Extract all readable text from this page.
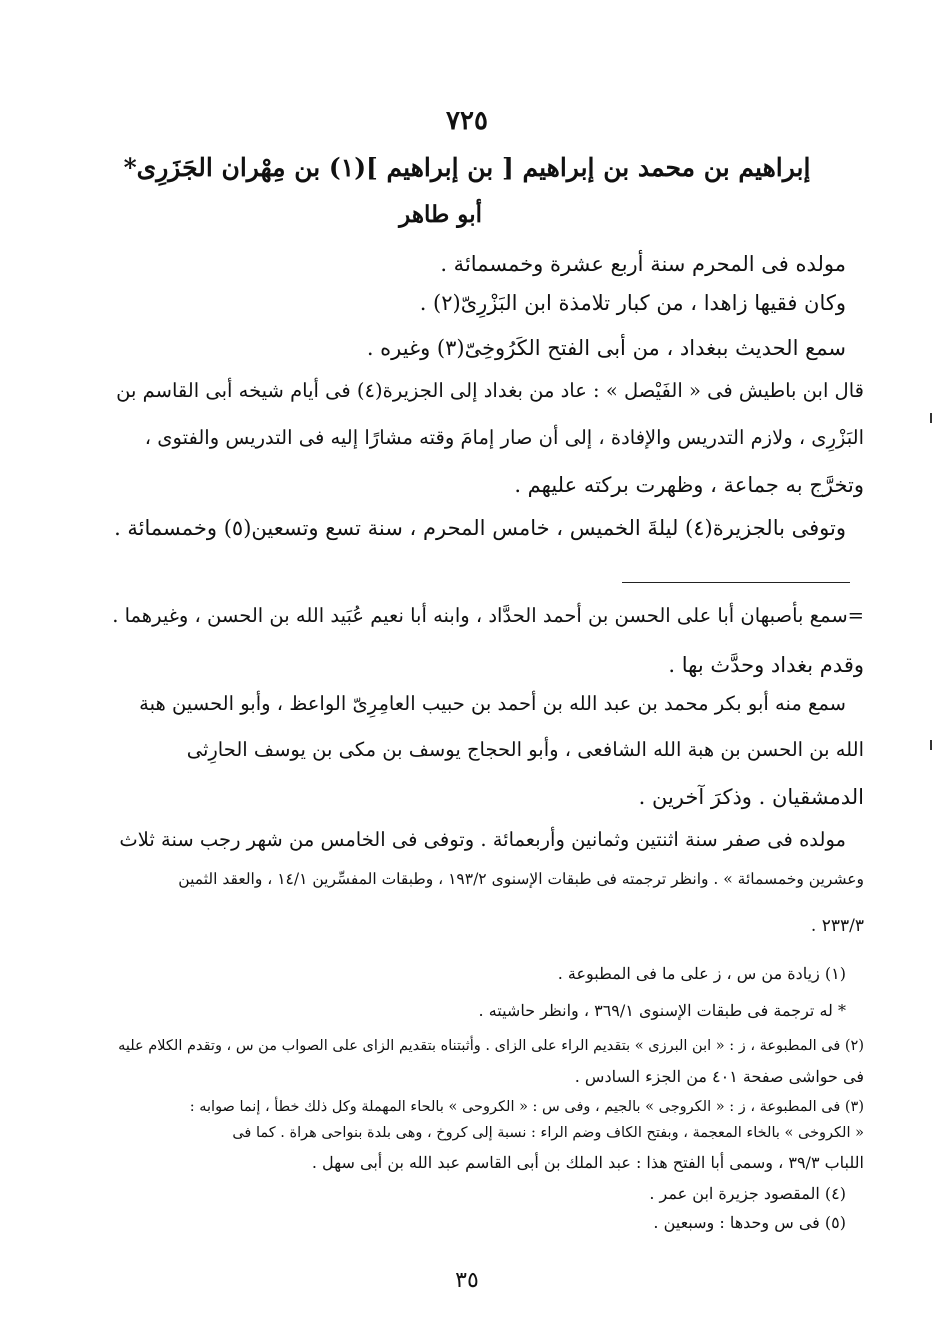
٧٢٥
إبراهيم بن محمد بن إبراهيم [ بن إبراهيم ](١) بن مِهْران الجَزَرِى*
أبو طاهر
مولده فى المحرم سنة أربع عشرة وخمسمائة .
وكان فقيها زاهدا ، من كبار تلامذة ابن البَزْرِىّ(٢) .
سمع الحديث ببغداد ، من أبى الفتح الكَرُوخِىّ(٣) وغيره .
قال ابن باطيش فى « الفَيْصل » : عاد من بغداد إلى الجزيرة(٤) فى أيام شيخه أبى القاسم بن
البَزْرِى ، ولازم التدريس والإفادة ، إلى أن صار إمامَ وقته مشارًا إليه فى التدريس والفتوى ،
وتخرَّج به جماعة ، وظهرت بركته عليهم .
وتوفى بالجزيرة(٤) ليلةَ الخميس ، خامس المحرم ، سنة تسع وتسعين(٥) وخمسمائة .
=سمع بأصبهان أبا على الحسن بن أحمد الحدَّاد ، وابنه أبا نعيم عُبَيد الله بن الحسن ، وغيرهما .
وقدم بغداد وحدَّث بها .
سمع منه أبو بكر محمد بن عبد الله بن أحمد بن حبيب العامِرِىّ الواعظ ، وأبو الحسين هبة
الله بن الحسن بن هبة الله الشافعى ، وأبو الحجاج يوسف بن مكى بن يوسف الحارِثى
الدمشقيان . وذكرَ آخرين .
مولده فى صفر سنة اثنتين وثمانين وأربعمائة . وتوفى فى الخامس من شهر رجب سنة ثلاث
وعشرين وخمسمائة » . وانظر ترجمته فى طبقات الإسنوى ١٩٣/٢ ، وطبقات المفسِّرين ١٤/١ ، والعقد الثمين
٢٣٣/٣ .
(١) زيادة من س ، ز على ما فى المطبوعة .
* له ترجمة فى طبقات الإسنوى ٣٦٩/١ ، وانظر حاشيته .
(٢) فى المطبوعة ، ز : « ابن البرزى » بتقديم الراء على الزاى . وأثبتناه بتقديم الزاى على الصواب من س ، وتقدم الكلام عليه
فى حواشى صفحة ٤٠١ من الجزء السادس .
(٣) فى المطبوعة ، ز : « الكروجى » بالجيم ، وفى س : « الكروحى » بالحاء المهملة وكل ذلك خطأ ، إنما صوابه :
« الكروخى » بالخاء المعجمة ، وبفتح الكاف وضم الراء : نسبة إلى كروخ ، وهى بلدة بنواحى هراة . كما فى
اللباب ٣٩/٣ ، وسمى أبا الفتح هذا : عبد الملك بن أبى القاسم عبد الله بن أبى سهل .
(٤) المقصود جزيرة ابن عمر .
(٥) فى س وحدها : وسبعين .
٣٥
